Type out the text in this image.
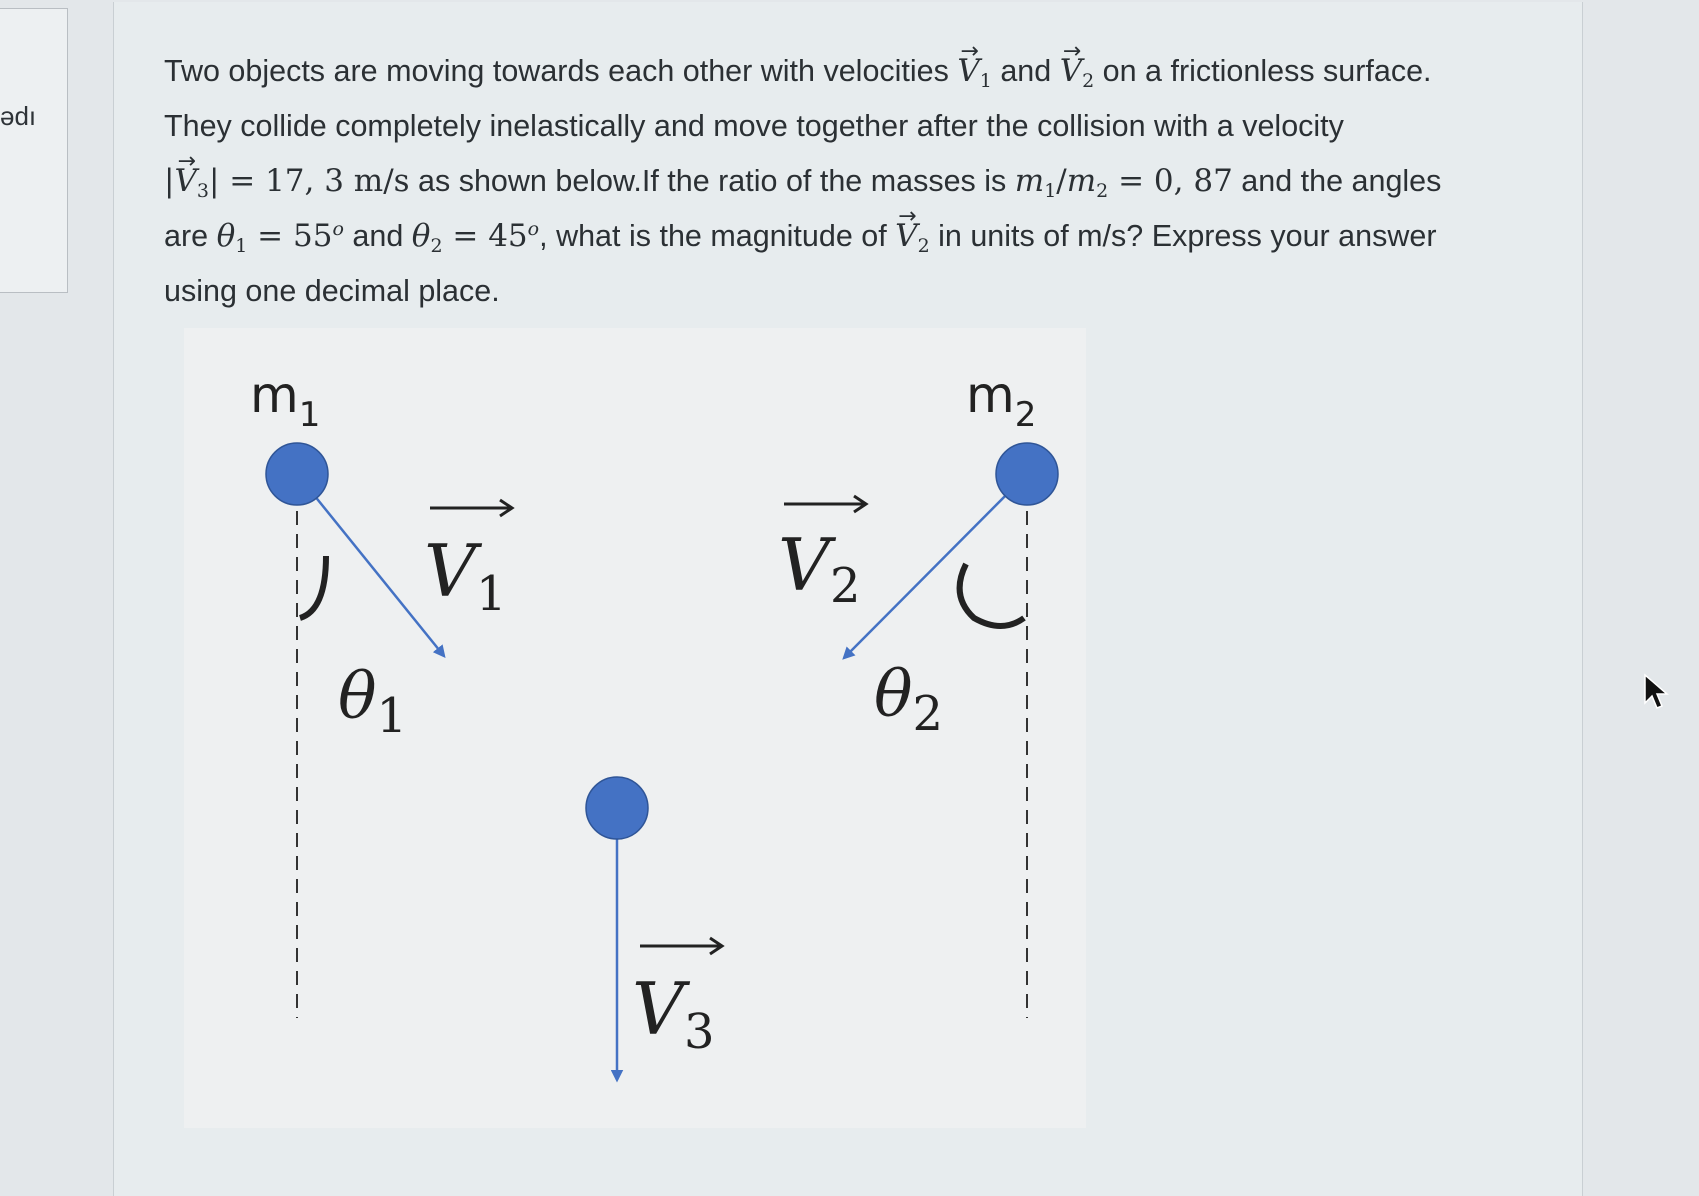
ədı
Two objects are moving towards each other with velocities → $V_1$ and → $V_2$ on a frictionless surface.
They collide completely inelastically and move together after the collision with a velocity
|→ $V_3| = 17$, 3 m/s as shown below.If the ratio of the masses is $m_1/m_2 = 0$, 87 and the angles
are $\theta_1 = 55^o$ and $\theta_2 = 45^o$, what is the magnitude of → $V_2$ in units of m/s? Express your answer
using one decimal place.
$m_1$	$m_2$
V1	V2
$\theta_1$	$\theta_2$
V3
